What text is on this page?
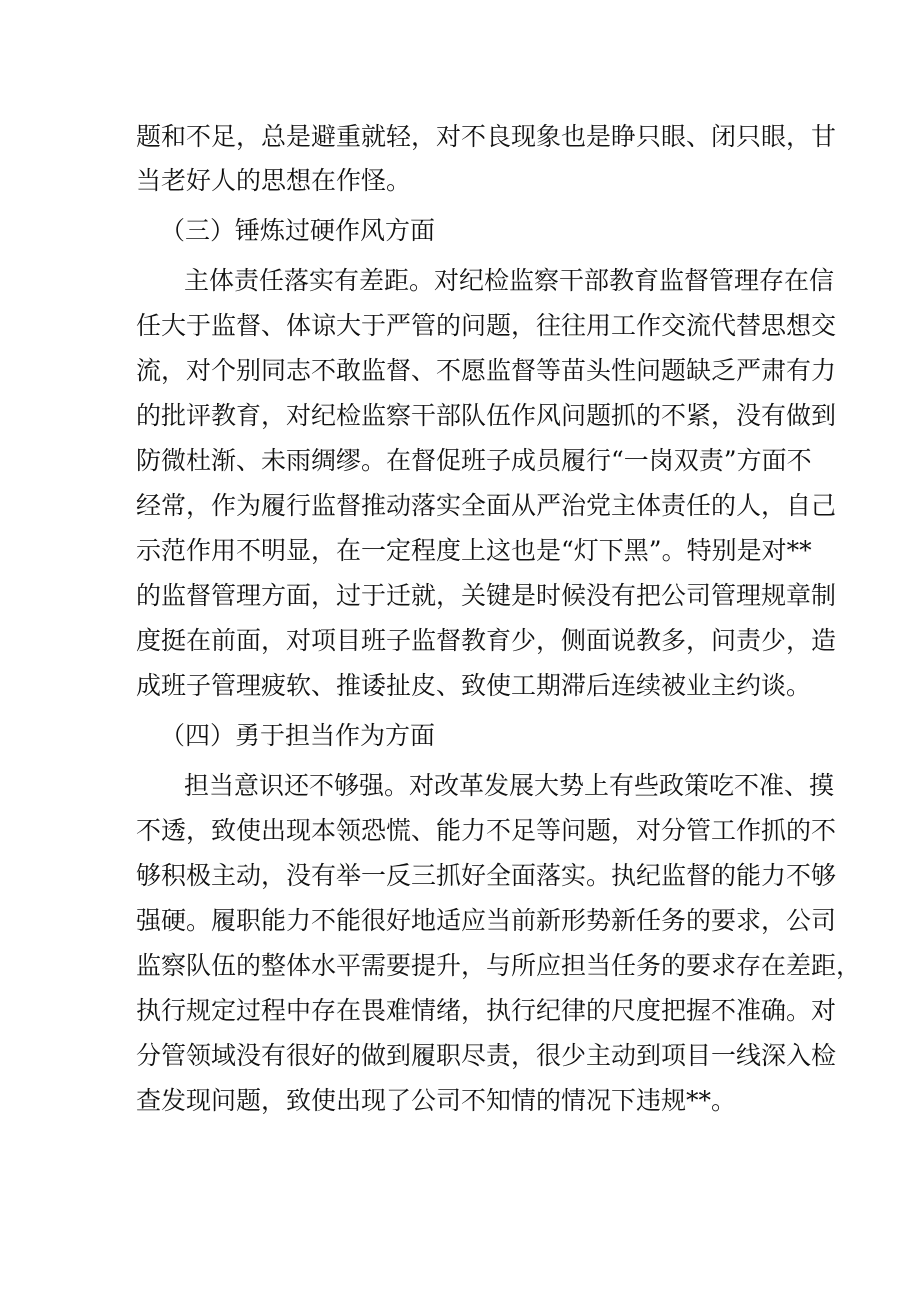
题和不足，总是避重就轻，对不良现象也是睁只眼、闭只眼，甘
当老好人的思想在作怪。
（三）锤炼过硬作风方面
主体责任落实有差距。对纪检监察干部教育监督管理存在信
任大于监督、体谅大于严管的问题，往往用工作交流代替思想交
流，对个别同志不敢监督、不愿监督等苗头性问题缺乏严肃有力
的批评教育，对纪检监察干部队伍作风问题抓的不紧，没有做到
防微杜渐、未雨绸缪。在督促班子成员履行“一岗双责”方面不
经常，作为履行监督推动落实全面从严治党主体责任的人，自己
示范作用不明显，在一定程度上这也是“灯下黑”。特别是对**
的监督管理方面，过于迁就，关键是时候没有把公司管理规章制
度挺在前面，对项目班子监督教育少，侧面说教多，问责少，造
成班子管理疲软、推诿扯皮、致使工期滞后连续被业主约谈。
（四）勇于担当作为方面
担当意识还不够强。对改革发展大势上有些政策吃不准、摸
不透，致使出现本领恐慌、能力不足等问题，对分管工作抓的不
够积极主动，没有举一反三抓好全面落实。执纪监督的能力不够
强硬。履职能力不能很好地适应当前新形势新任务的要求，公司
监察队伍的整体水平需要提升，与所应担当任务的要求存在差距，
执行规定过程中存在畏难情绪，执行纪律的尺度把握不准确。对
分管领域没有很好的做到履职尽责，很少主动到项目一线深入检
查发现问题，致使出现了公司不知情的情况下违规**。
